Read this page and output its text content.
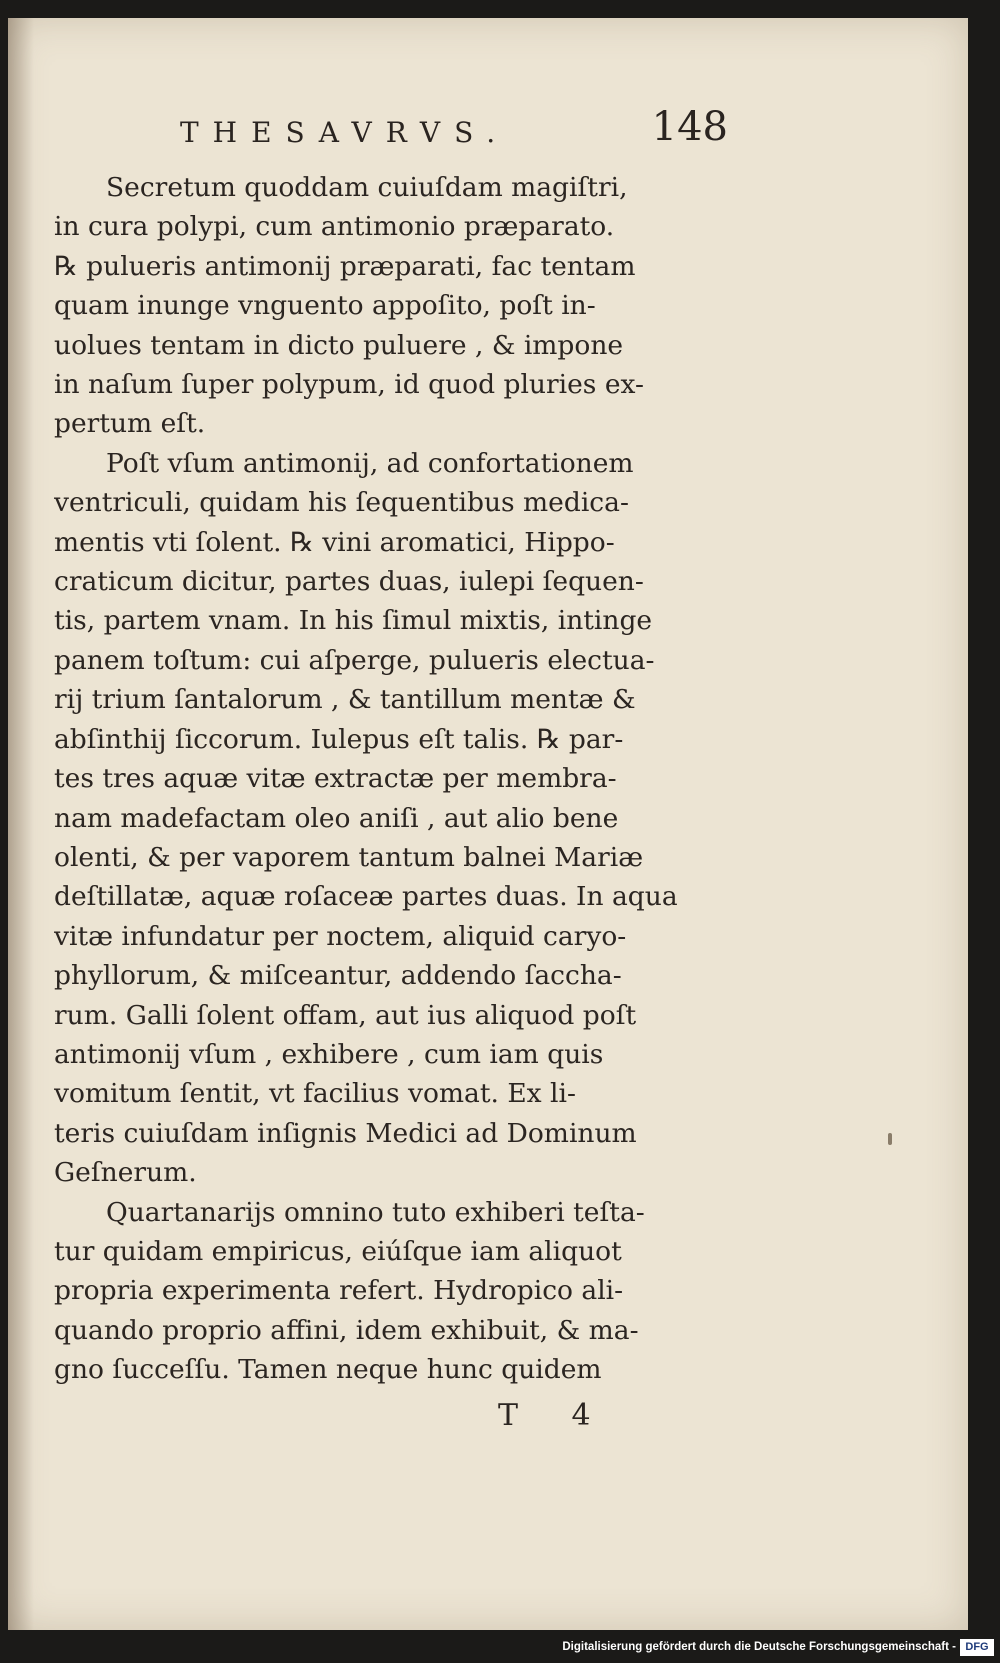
THESAVRVS.	148
Secretum quoddam cuiuſdam magiſtri,
in cura polypi, cum antimonio præparato.
℞ pulueris antimonij præparati, fac tentam
quam inunge vnguento appoſito, poſt in-
uolues tentam in dicto puluere , & impone
in naſum ſuper polypum, id quod pluries ex-
pertum eſt.
Poſt vſum antimonij, ad confortationem
ventriculi, quidam his ſequentibus medica-
mentis vti ſolent. ℞ vini aromatici, Hippo-
craticum dicitur, partes duas, iulepi ſequen-
tis, partem vnam. In his ſimul mixtis, intinge
panem toſtum: cui aſperge, pulueris electua-
rij trium ſantalorum , & tantillum mentæ &
abſinthij ſiccorum. Iulepus eſt talis. ℞ par-
tes tres aquæ vitæ extractæ per membra-
nam madefactam oleo aniſi , aut alio bene
olenti, & per vaporem tantum balnei Mariæ
deſtillatæ, aquæ roſaceæ partes duas. In aqua
vitæ infundatur per noctem, aliquid caryo-
phyllorum, & miſceantur, addendo ſaccha-
rum. Galli ſolent offam, aut ius aliquod poſt
antimonij vſum , exhibere , cum iam quis
vomitum ſentit, vt facilius vomat. Ex li-
teris cuiuſdam inſignis Medici ad Dominum
Geſnerum.
Quartanarijs omnino tuto exhiberi teſta-
tur quidam empiricus, eiúſque iam aliquot
propria experimenta refert. Hydropico ali-
quando proprio affini, idem exhibuit, & ma-
gno ſucceſſu. Tamen neque hunc quidem
T 4
Digitalisierung gefördert durch die Deutsche Forschungsgemeinschaft - DFG
